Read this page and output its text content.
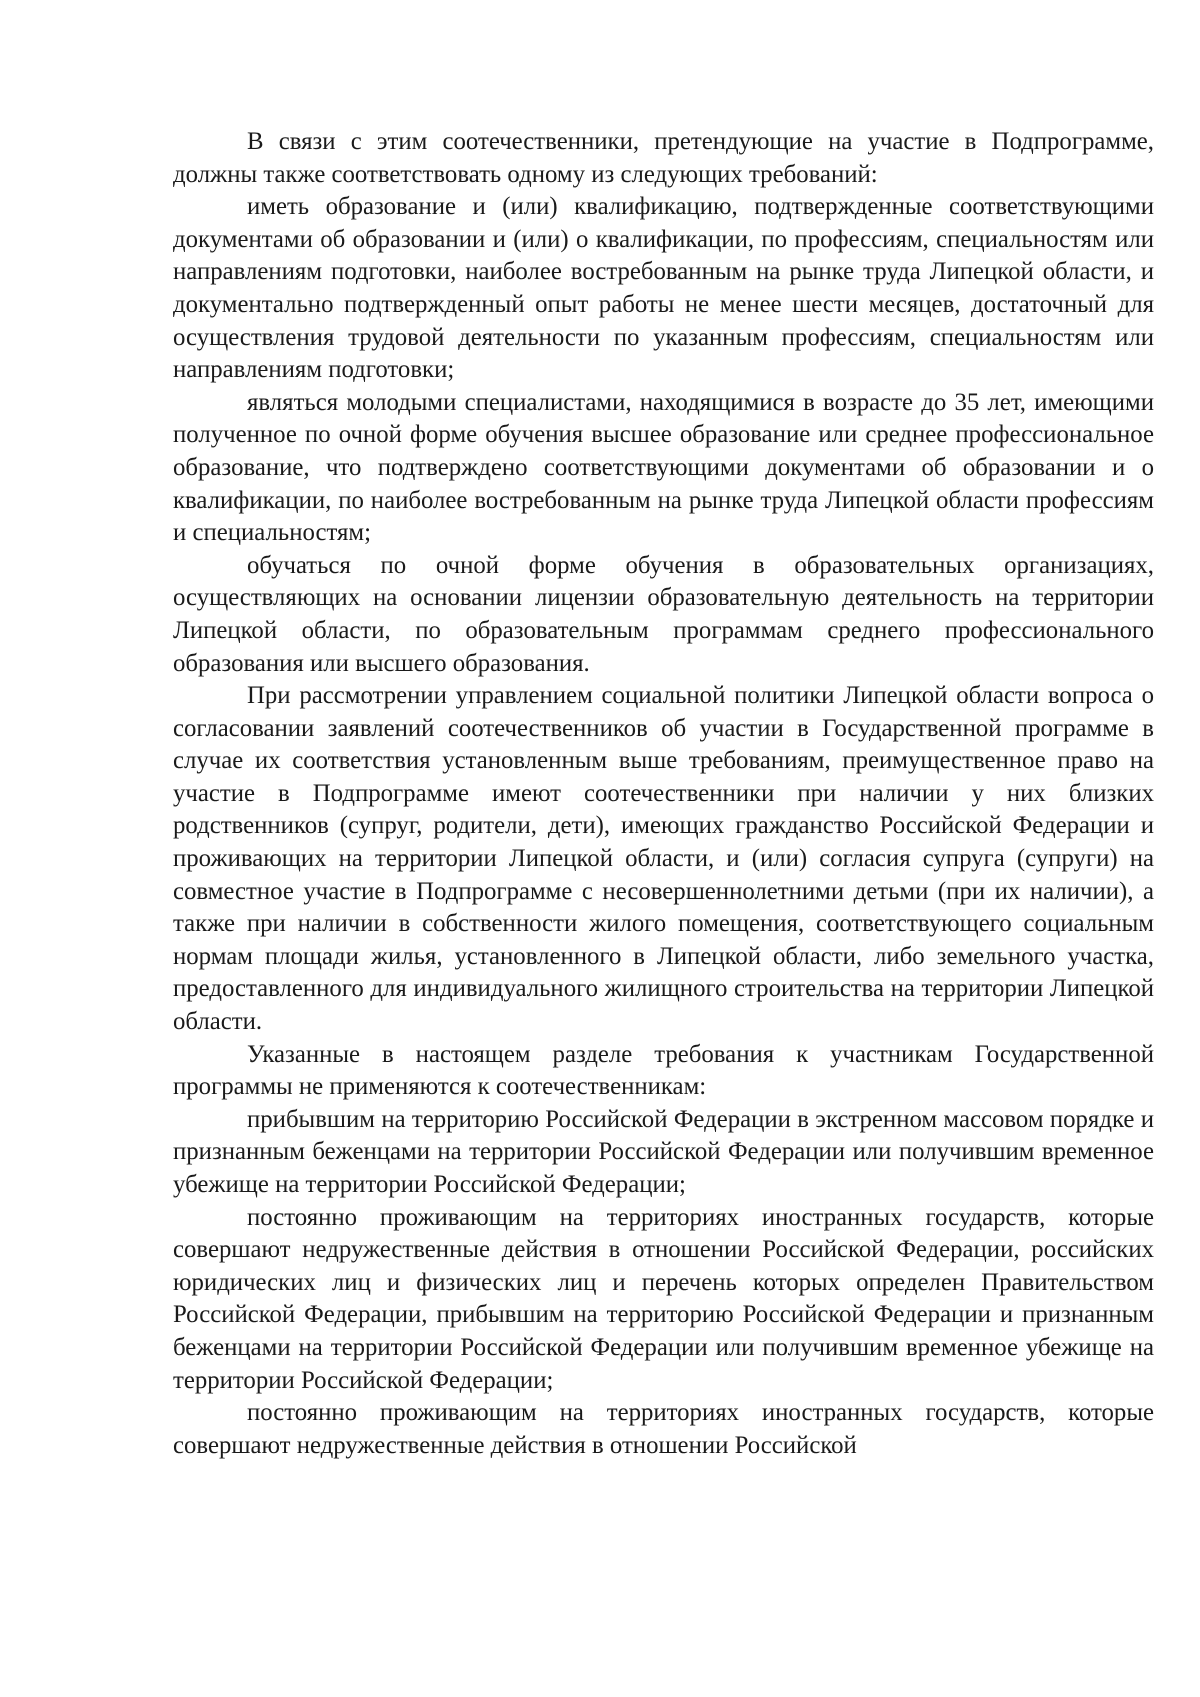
В связи с этим соотечественники, претендующие на участие в Подпрограмме, должны также соответствовать одному из следующих требований:

иметь образование и (или) квалификацию, подтвержденные соответствующими документами об образовании и (или) о квалификации, по профессиям, специальностям или направлениям подготовки, наиболее востребованным на рынке труда Липецкой области, и документально подтвержденный опыт работы не менее шести месяцев, достаточный для осуществления трудовой деятельности по указанным профессиям, специальностям или направлениям подготовки;

являться молодыми специалистами, находящимися в возрасте до 35 лет, имеющими полученное по очной форме обучения высшее образование или среднее профессиональное образование, что подтверждено соответствующими документами об образовании и о квалификации, по наиболее востребованным на рынке труда Липецкой области профессиям и специальностям;

обучаться по очной форме обучения в образовательных организациях, осуществляющих на основании лицензии образовательную деятельность на территории Липецкой области, по образовательным программам среднего профессионального образования или высшего образования.

При рассмотрении управлением социальной политики Липецкой области вопроса о согласовании заявлений соотечественников об участии в Государственной программе в случае их соответствия установленным выше требованиям, преимущественное право на участие в Подпрограмме имеют соотечественники при наличии у них близких родственников (супруг, родители, дети), имеющих гражданство Российской Федерации и проживающих на территории Липецкой области, и (или) согласия супруга (супруги) на совместное участие в Подпрограмме с несовершеннолетними детьми (при их наличии), а также при наличии в собственности жилого помещения, соответствующего социальным нормам площади жилья, установленного в Липецкой области, либо земельного участка, предоставленного для индивидуального жилищного строительства на территории Липецкой области.

Указанные в настоящем разделе требования к участникам Государственной программы не применяются к соотечественникам:

прибывшим на территорию Российской Федерации в экстренном массовом порядке и признанным беженцами на территории Российской Федерации или получившим временное убежище на территории Российской Федерации;

постоянно проживающим на территориях иностранных государств, которые совершают недружественные действия в отношении Российской Федерации, российских юридических лиц и физических лиц и перечень которых определен Правительством Российской Федерации, прибывшим на территорию Российской Федерации и признанным беженцами на территории Российской Федерации или получившим временное убежище на территории Российской Федерации;

постоянно проживающим на территориях иностранных государств, которые совершают недружественные действия в отношении Российской
